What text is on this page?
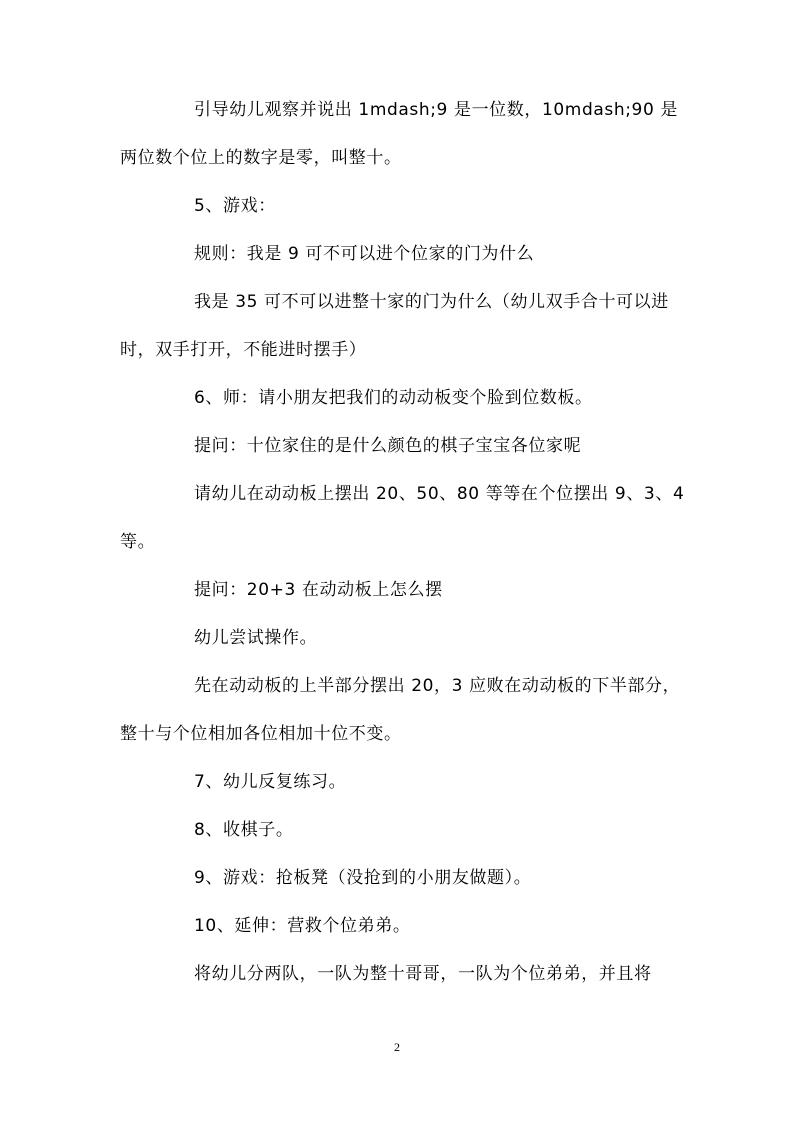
引导幼儿观察并说出 1mdash;9 是一位数，10mdash;90 是两位数个位上的数字是零，叫整十。

5、游戏：

规则：我是 9 可不可以进个位家的门为什么

我是 35 可不可以进整十家的门为什么（幼儿双手合十可以进时，双手打开，不能进时摆手）

6、师：请小朋友把我们的动动板变个脸到位数板。

提问：十位家住的是什么颜色的棋子宝宝各位家呢

请幼儿在动动板上摆出 20、50、80 等等在个位摆出 9、3、4 等。

提问：20+3 在动动板上怎么摆

幼儿尝试操作。

先在动动板的上半部分摆出 20，3 应败在动动板的下半部分，整十与个位相加各位相加十位不变。

7、幼儿反复练习。

8、收棋子。

9、游戏：抢板凳（没抢到的小朋友做题）。

10、延伸：营救个位弟弟。

将幼儿分两队，一队为整十哥哥，一队为个位弟弟，并且将

2
